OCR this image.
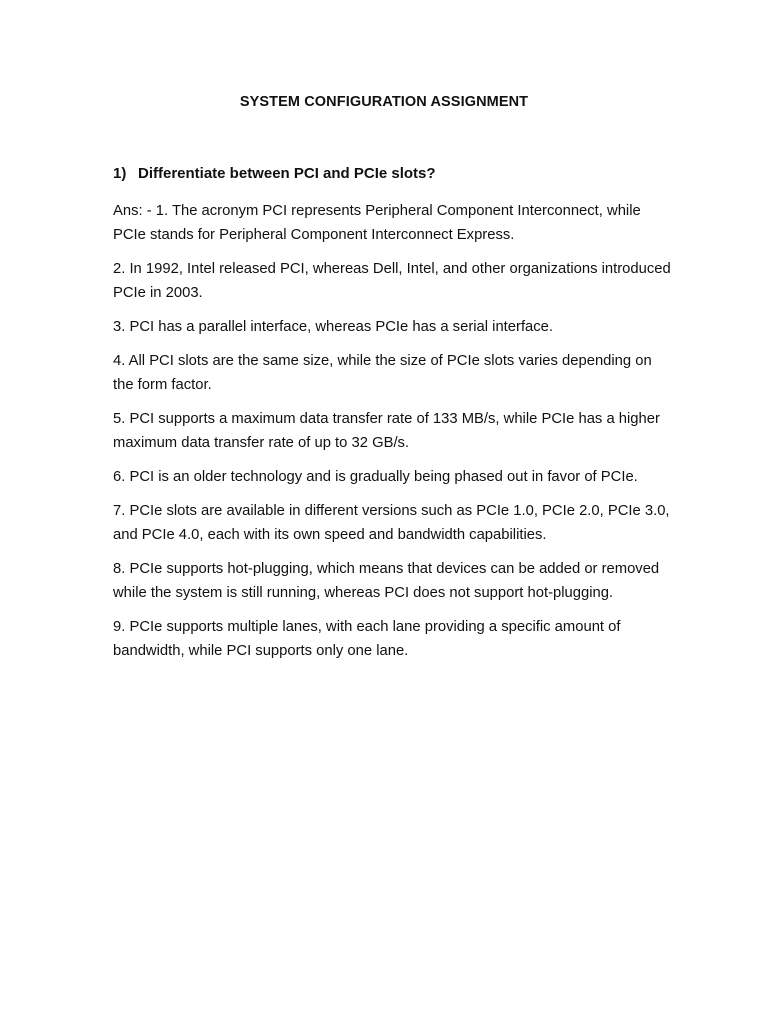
SYSTEM CONFIGURATION ASSIGNMENT
1) Differentiate between PCI and PCIe slots?

Ans: - 1. The acronym PCI represents Peripheral Component Interconnect, while PCIe stands for Peripheral Component Interconnect Express.

2. In 1992, Intel released PCI, whereas Dell, Intel, and other organizations introduced PCIe in 2003.

3. PCI has a parallel interface, whereas PCIe has a serial interface.

4. All PCI slots are the same size, while the size of PCIe slots varies depending on the form factor.

5. PCI supports a maximum data transfer rate of 133 MB/s, while PCIe has a higher maximum data transfer rate of up to 32 GB/s.

6. PCI is an older technology and is gradually being phased out in favor of PCIe.

7. PCIe slots are available in different versions such as PCIe 1.0, PCIe 2.0, PCIe 3.0, and PCIe 4.0, each with its own speed and bandwidth capabilities.

8. PCIe supports hot-plugging, which means that devices can be added or removed while the system is still running, whereas PCI does not support hot-plugging.

9. PCIe supports multiple lanes, with each lane providing a specific amount of bandwidth, while PCI supports only one lane.
